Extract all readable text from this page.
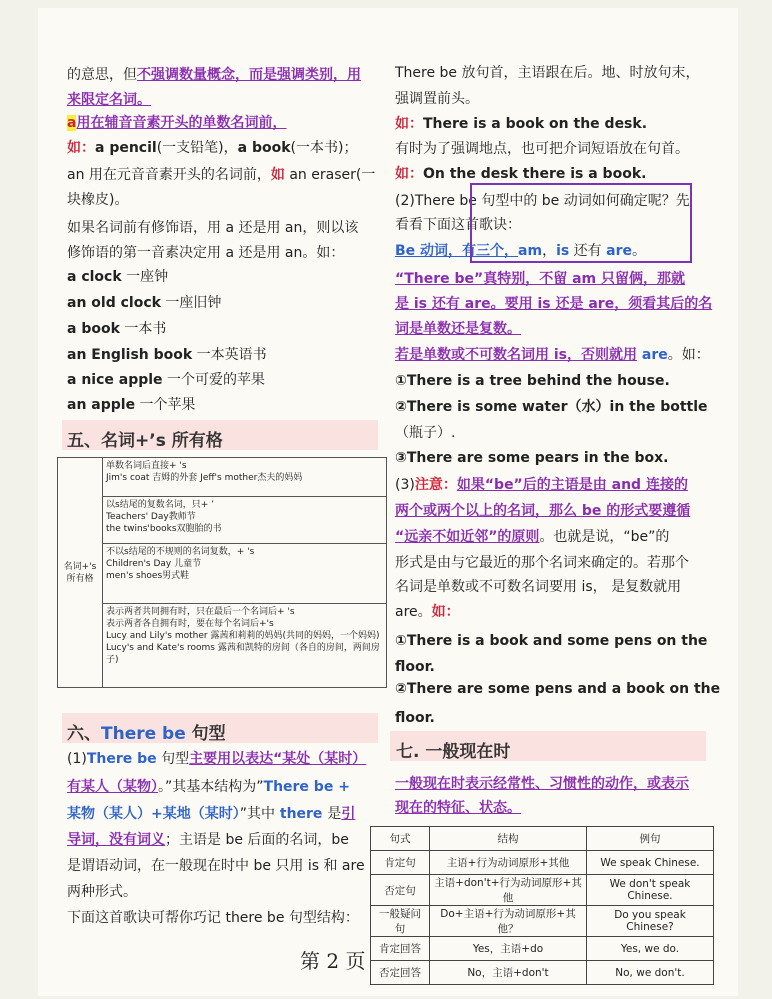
的意思，但不强调数量概念，而是强调类别，用
来限定名词。
a用在辅音音素开头的单数名词前，
如：a pencil(一支铅笔)，a book(一本书)；
an 用在元音音素开头的名词前，如 an eraser(一
块橡皮)。
如果名词前有修饰语，用 a 还是用 an，则以该
修饰语的第一音素决定用 a 还是用 an。如：
a clock 一座钟
an old clock 一座旧钟
a book 一本书
an English book 一本英语书
a nice apple 一个可爱的苹果
an apple 一个苹果
五、名词+’s 所有格
名词+'s 所有格	
单数名词后直接+ 's
Jim's coat 吉姆的外套 Jeff's mother杰夫的妈妈

以s结尾的复数名词，只+ ’
Teachers' Day教师节
the twins'books双胞胎的书

不以s结尾的不规则的名词复数，+ 's
Children's Day 儿童节
men's shoes男式鞋

表示两者共同拥有时，只在最后一个名词后+ 's
表示两者各自拥有时，要在每个名词后+'s
Lucy and Lily's mother 露茜和莉莉的妈妈(共同的妈妈，一个妈妈)
Lucy's and Kate's rooms 露茜和凯特的房间（各自的房间，两间房子)
六、There be 句型
(1)There be 句型主要用以表达“某处（某时）
有某人（某物）。”其基本结构为”There be +
某物（某人）+某地（某时）”其中 there 是引
导词，没有词义；主语是 be 后面的名词，be
是谓语动词，在一般现在时中 be 只用 is 和 are
两种形式。
下面这首歌诀可帮你巧记 there be 句型结构：
There be 放句首，主语跟在后。地、时放句末，
强调置前头。
如：There is a book on the desk.
有时为了强调地点，也可把介词短语放在句首。
如：On the desk there is a book.
(2)There be 句型中的 be 动词如何确定呢？先
看看下面这首歌诀：
Be 动词，有三个，am，is 还有 are。
“There be”真特别，不留 am 只留俩，那就
是 is 还有 are。要用 is 还是 are，须看其后的名
词是单数还是复数。
若是单数或不可数名词用 is，否则就用 are。如：
①There is a tree behind the house.
②There is some water（水）in the bottle
（瓶子）.
③There are some pears in the box.
(3)注意：如果“be”后的主语是由 and 连接的
两个或两个以上的名词，那么 be 的形式要遵循
“远亲不如近邻”的原则。也就是说，“be”的
形式是由与它最近的那个名词来确定的。若那个
名词是单数或不可数名词要用 is， 是复数就用
are。如：
①There is a book and some pens on the
floor.
②There are some pens and a book on the
floor.
七. 一般现在时
一般现在时表示经常性、习惯性的动作，或表示
现在的特征、状态。
句式	结构	例句
肯定句	主语+行为动词原形+其他	We speak Chinese.
否定句	主语+don't+行为动词原形+其他	We don't speak Chinese.
一般疑问句	Do+主语+行为动词原形+其他？	Do you speak Chinese?
肯定回答	Yes，主语+do	Yes, we do.
否定回答	No，主语+don't	No, we don't.
第 2 页
